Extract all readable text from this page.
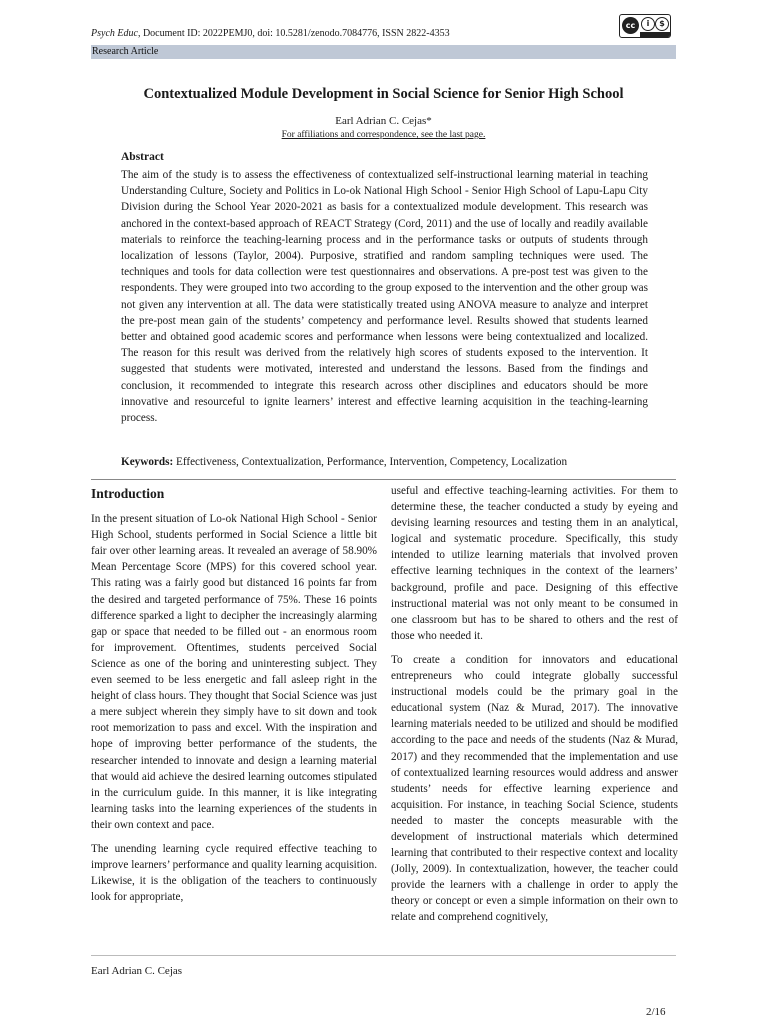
Psych Educ, Document ID: 2022PEMJ0, doi: 10.5281/zenodo.7084776, ISSN 2822-4353
cc	i	$
Research Article
Contextualized Module Development in Social Science for Senior High School
Earl Adrian C. Cejas*
For affiliations and correspondence, see the last page.
Abstract

The aim of the study is to assess the effectiveness of contextualized self-instructional learning material in teaching Understanding Culture, Society and Politics in Lo-ok National High School - Senior High School of Lapu-Lapu City Division during the School Year 2020-2021 as basis for a contextualized module development. This research was anchored in the context-based approach of REACT Strategy (Cord, 2011) and the use of locally and readily available materials to reinforce the teaching-learning process and in the performance tasks or outputs of students through localization of lessons (Taylor, 2004). Purposive, stratified and random sampling techniques were used. The techniques and tools for data collection were test questionnaires and observations. A pre-post test was given to the respondents. They were grouped into two according to the group exposed to the intervention and the other group was not given any intervention at all. The data were statistically treated using ANOVA measure to analyze and interpret the pre-post mean gain of the students’ competency and performance level. Results showed that students learned better and obtained good academic scores and performance when lessons were being contextualized and localized. The reason for this result was derived from the relatively high scores of students exposed to the intervention. It suggested that students were motivated, interested and understand the lessons. Based from the findings and conclusion, it recommended to integrate this research across other disciplines and educators should be more innovative and resourceful to ignite learners’ interest and effective learning acquisition in the teaching-learning process.

Keywords: Effectiveness, Contextualization, Performance, Intervention, Competency, Localization
Introduction

In the present situation of Lo-ok National High School - Senior High School, students performed in Social Science a little bit fair over other learning areas. It revealed an average of 58.90% Mean Percentage Score (MPS) for this covered school year. This rating was a fairly good but distanced 16 points far from the desired and targeted performance of 75%. These 16 points difference sparked a light to decipher the increasingly alarming gap or space that needed to be filled out - an enormous room for improvement. Oftentimes, students perceived Social Science as one of the boring and uninteresting subject. They even seemed to be less energetic and fall asleep right in the height of class hours. They thought that Social Science was just a mere subject wherein they simply have to sit down and took root memorization to pass and excel. With the inspiration and hope of improving better performance of the students, the researcher intended to innovate and design a learning material that would aid achieve the desired learning outcomes stipulated in the curriculum guide. In this manner, it is like integrating learning tasks into the learning experiences of the students in their own context and pace.

The unending learning cycle required effective teaching to improve learners’ performance and quality learning acquisition. Likewise, it is the obligation of the teachers to continuously look for appropriate,

useful and effective teaching-learning activities. For them to determine these, the teacher conducted a study by eyeing and devising learning resources and testing them in an analytical, logical and systematic procedure. Specifically, this study intended to utilize learning materials that involved proven effective learning techniques in the context of the learners’ background, profile and pace. Designing of this effective instructional material was not only meant to be consumed in one classroom but has to be shared to others and the rest of those who needed it.

To create a condition for innovators and educational entrepreneurs who could integrate globally successful instructional models could be the primary goal in the educational system (Naz & Murad, 2017). The innovative learning materials needed to be utilized and should be modified according to the pace and needs of the students (Naz & Murad, 2017) and they recommended that the implementation and use of contextualized learning resources would address and answer students’ needs for effective learning experience and acquisition. For instance, in teaching Social Science, students needed to master the concepts measurable with the development of instructional materials which determined learning that contributed to their respective context and locality (Jolly, 2009). In contextualization, however, the teacher could provide the learners with a challenge in order to apply the theory or concept or even a simple information on their own to relate and comprehend cognitively,

Earl Adrian C. Cejas
2/16
